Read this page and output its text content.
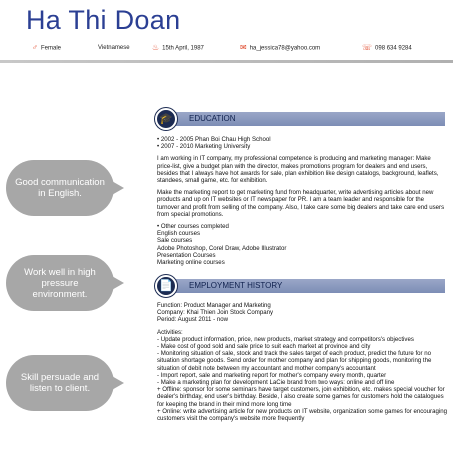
Ha Thi Doan
♂ Female	Vietnamese	♨ 15th April, 1987	✉ ha_jessica78@yahoo.com	☏ 098 634 9284
Good communication in English.
Work well in high pressure environment.
Skill persuade and listen to client.
EDUCATION
🎓

• 2002 - 2005 Phan Boi Chau High School

• 2007 - 2010 Marketing University

I am working in IT company, my professional competence is producing and marketing manager: Make price-list, give a budget plan with the director, makes promotions program for dealers and end users, besides that I always have hot awards for sale, plan exhibition like design catalogs, background, leaflets, standees, small game, etc. for exhibition.

Make the marketing report to get marketing fund from headquarter, write advertising articles about new products and up on IT websites or IT newspaper for PR. I am a team leader and responsible for the turnover and profit from selling of the company. Also, I take care some big dealers and take care end users from special promotions.

• Other courses completed

English courses

Sale courses

Adobe Photoshop, Corel Draw, Adobe Illustrator

Presentation Courses

Marketing online courses

EMPLOYMENT HISTORY
📄

Function: Product Manager and Marketing

Company: Khai Thien Join Stock Company

Period: August 2011 - now

Activities:

- Update product information, price, new products, market strategy and competitors's objectives

- Make cost of good sold and sale price to suit each market at province and city

- Monitoring situation of sale, stock and track the sales target of each product, predict the future for no situation shortage goods. Send order for mother company and plan for shipping goods, monitoring the situation of debit note between my accountant and mother company's accountant

- Import report, sale and marketing report for mother's company every month, quarter

- Make a marketing plan for development LaCie brand from two ways: online and off line

+ Offline: sponsor for some seminars have target customers, join exhibition, etc. makes special voucher for dealer's birthday, end user's birthday. Beside, I also create some games for customers hold the catalogues for keeping the brand in their mind more long time

+ Online: write advertising article for new products on IT website, organization some games for encouraging customers visit the company's website more frequently
